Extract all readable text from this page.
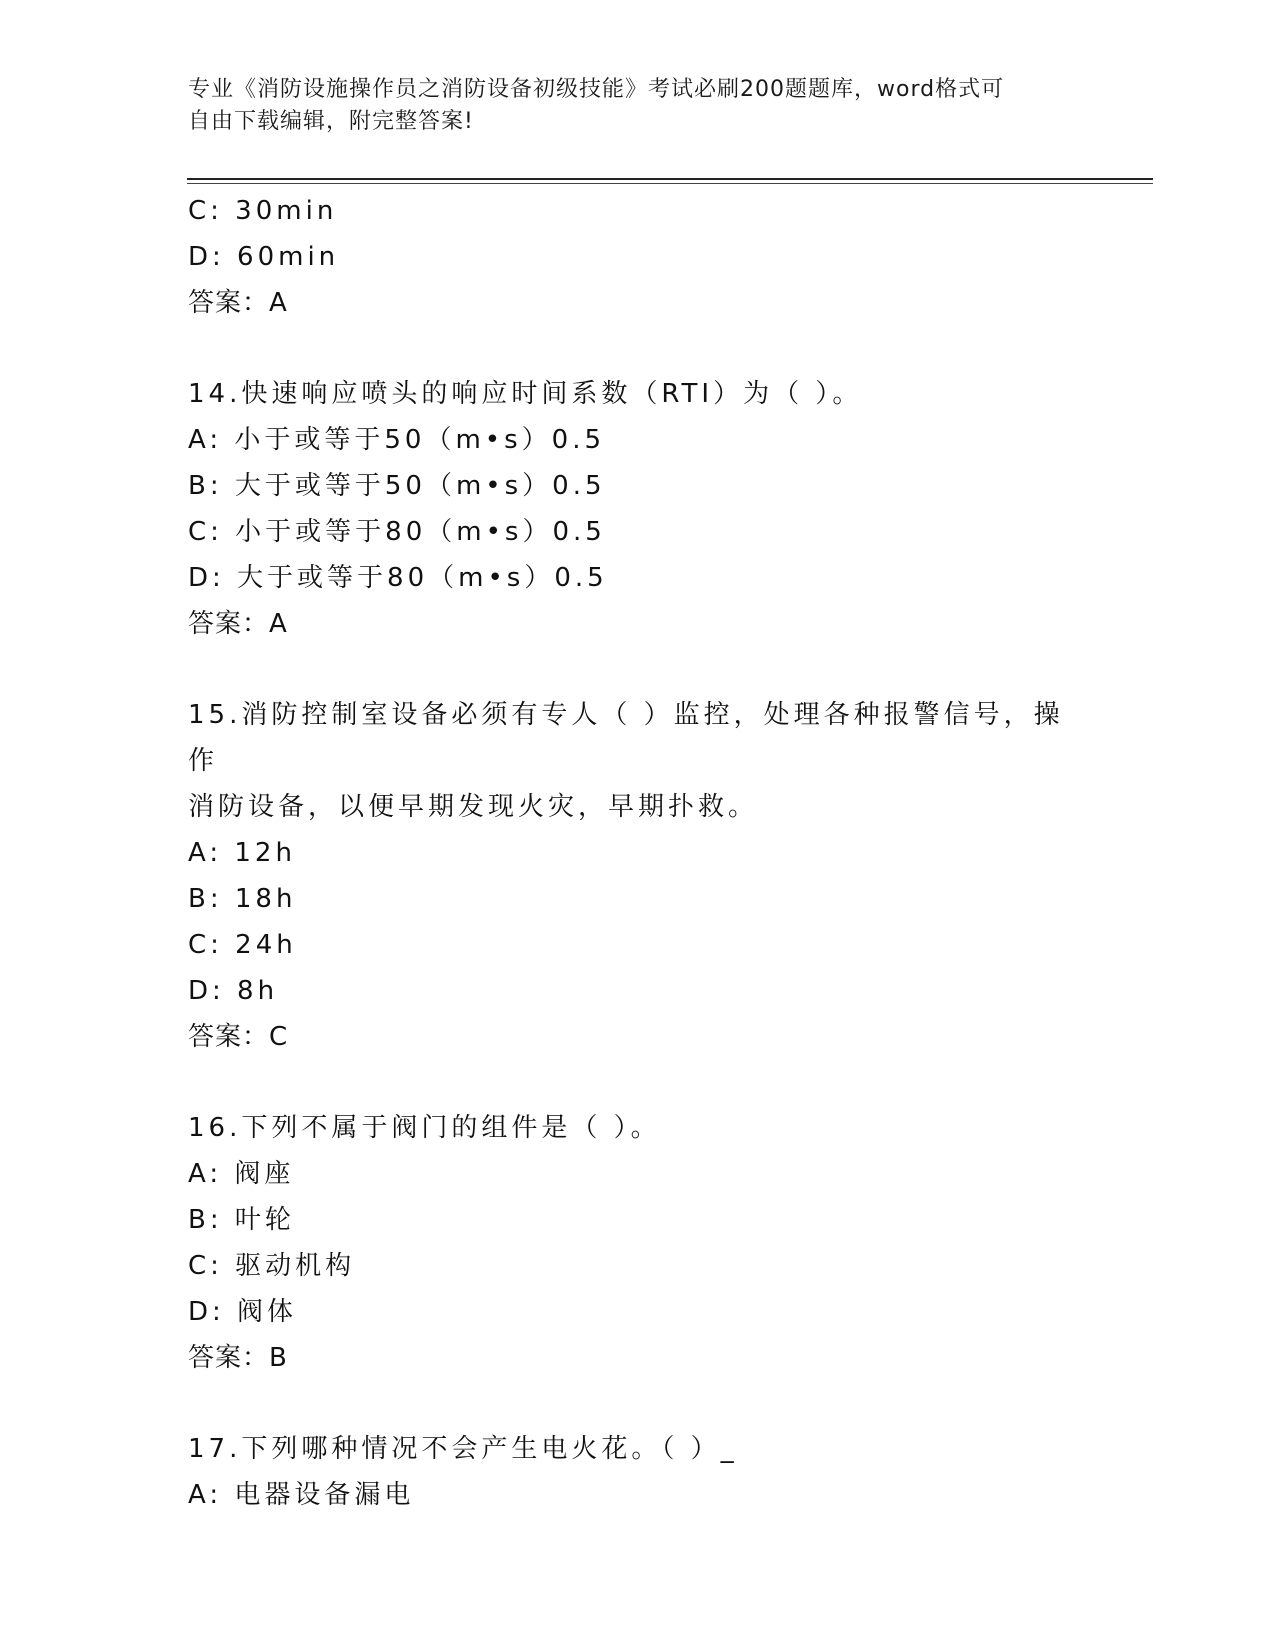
专业《消防设施操作员之消防设备初级技能》考试必刷200题题库，word格式可
自由下载编辑，附完整答案!
C: 30min
D: 60min
答案：A
14.快速响应喷头的响应时间系数（RTI）为（ ）。
A: 小于或等于50（m•s）0.5
B: 大于或等于50（m•s）0.5
C: 小于或等于80（m•s）0.5
D: 大于或等于80（m•s）0.5
答案：A
15.消防控制室设备必须有专人（ ）监控，处理各种报警信号，操作
消防设备，以便早期发现火灾，早期扑救。
A: 12h
B: 18h
C: 24h
D: 8h
答案：C
16.下列不属于阀门的组件是（ ）。
A: 阀座
B: 叶轮
C: 驱动机构
D: 阀体
答案：B
17.下列哪种情况不会产生电火花。（ ）_
A: 电器设备漏电
